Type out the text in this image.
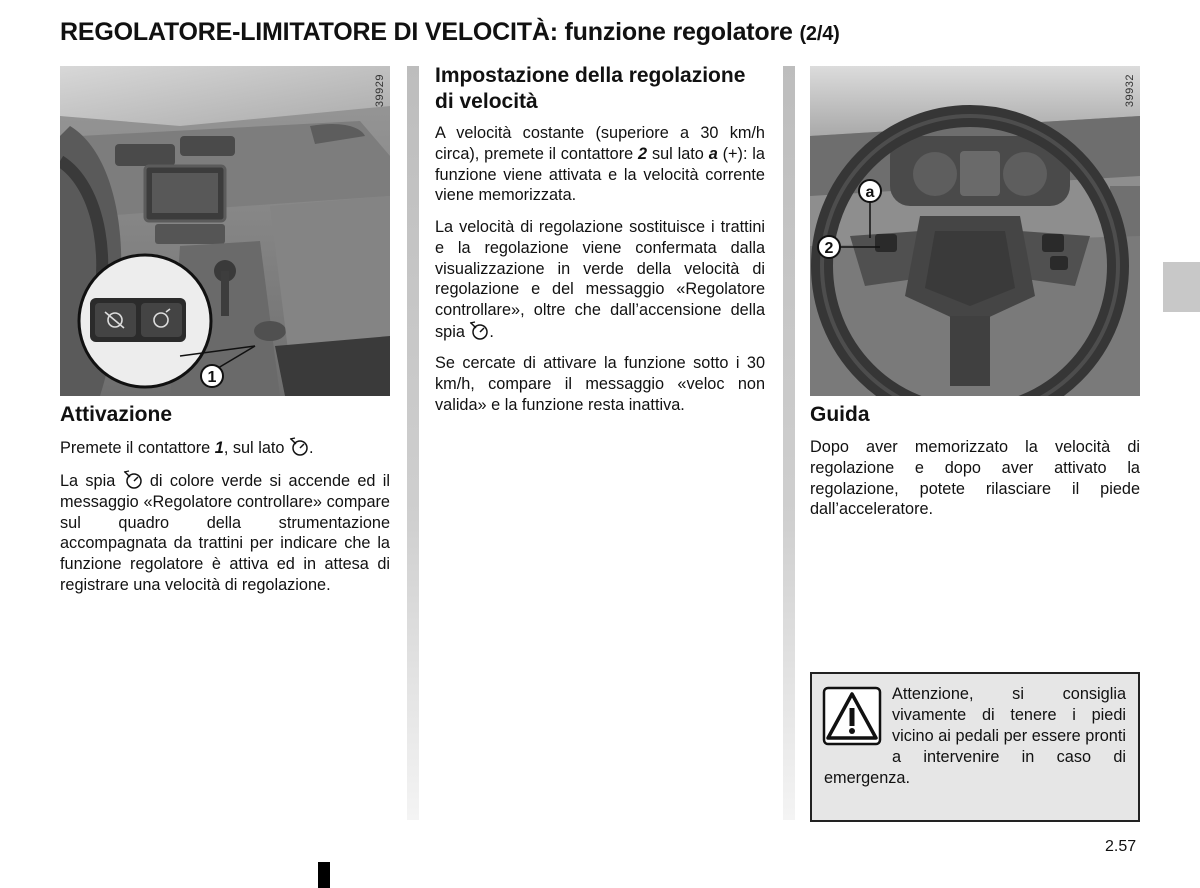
REGOLATORE-LIMITATORE DI VELOCITÀ: funzione regolatore (2/4)
1
39929
a
2
39932
Attivazione

Premete il contattore 1, sul lato .

La spia  di colore verde si accende ed il messaggio «Regolatore controllare» compare sul quadro della strumentazione accompagnata da trattini per indicare che la funzione regolatore è attiva ed in attesa di registrare una velocità di regolazione.

Impostazione della regolazione di velocità

A velocità costante (superiore a 30 km/h circa), premete il contattore 2 sul lato a (+): la funzione viene attivata e la velocità corrente viene memorizzata.

La velocità di regolazione sostituisce i trattini e la regolazione viene confermata dalla visualizzazione in verde della velocità di regolazione e del messaggio «Regolatore controllare», oltre che dall’accensione della spia .

Se cercate di attivare la funzione sotto i 30 km/h, compare il messaggio «veloc non valida» e la funzione resta inattiva.	Guida

Dopo aver memorizzato la velocità di regolazione e dopo aver attivato la regolazione, potete rilasciare il piede dall’acceleratore.

Attenzione, si consiglia vivamente di tenere i piedi vicino ai pedali per essere pronti a intervenire in caso di emergenza.

2.57
